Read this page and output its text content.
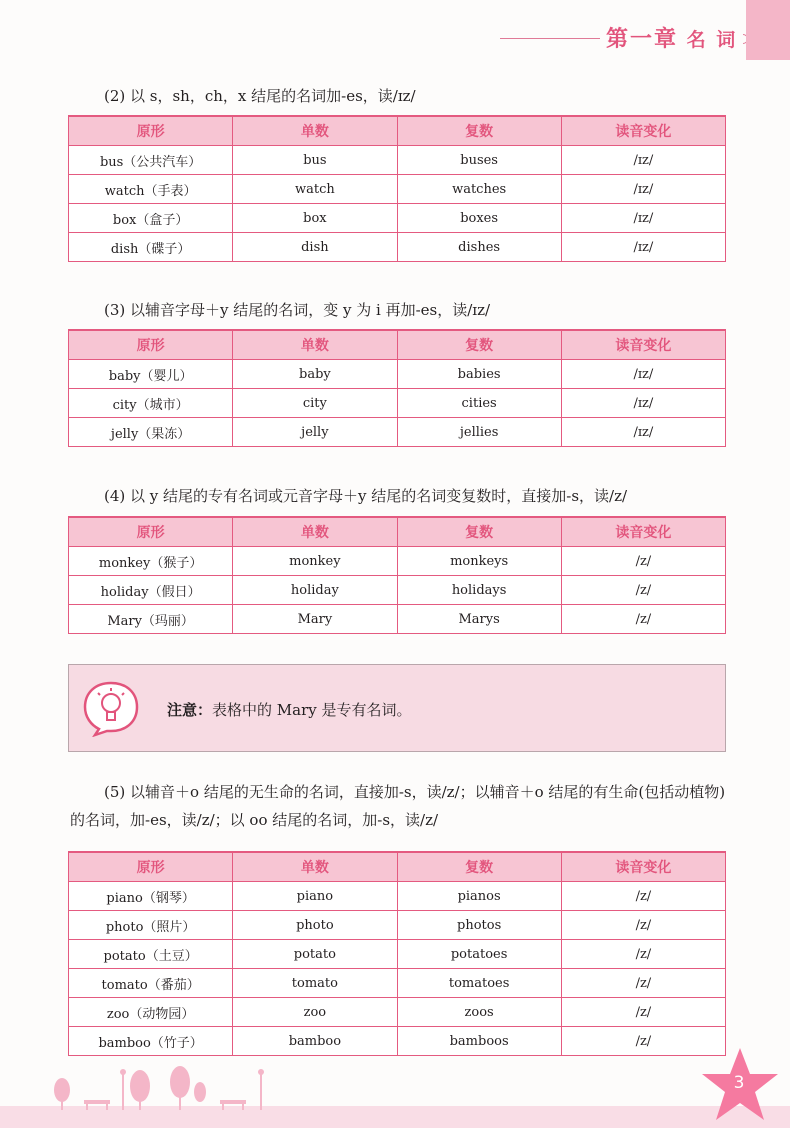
第一章 名 词
(2) 以 s，sh，ch，x 结尾的名词加-es，读/ɪz/
原形	单数	复数	读音变化
bus（公共汽车）	bus	buses	/ɪz/
watch（手表）	watch	watches	/ɪz/
box（盒子）	box	boxes	/ɪz/
dish（碟子）	dish	dishes	/ɪz/
(3) 以辅音字母＋y 结尾的名词，变 y 为 i 再加-es，读/ɪz/
原形	单数	复数	读音变化
baby（婴儿）	baby	babies	/ɪz/
city（城市）	city	cities	/ɪz/
jelly（果冻）	jelly	jellies	/ɪz/
(4) 以 y 结尾的专有名词或元音字母＋y 结尾的名词变复数时，直接加-s，读/z/
原形	单数	复数	读音变化
monkey（猴子）	monkey	monkeys	/z/
holiday（假日）	holiday	holidays	/z/
Mary（玛丽）	Mary	Marys	/z/
注意：表格中的 Mary 是专有名词。
(5) 以辅音＋o 结尾的无生命的名词，直接加-s，读/z/；以辅音＋o 结尾的有生命(包括动植物)的名词，加-es，读/z/；以 oo 结尾的名词，加-s，读/z/
原形	单数	复数	读音变化
piano（钢琴）	piano	pianos	/z/
photo（照片）	photo	photos	/z/
potato（土豆）	potato	potatoes	/z/
tomato（番茄）	tomato	tomatoes	/z/
zoo（动物园）	zoo	zoos	/z/
bamboo（竹子）	bamboo	bamboos	/z/
3
